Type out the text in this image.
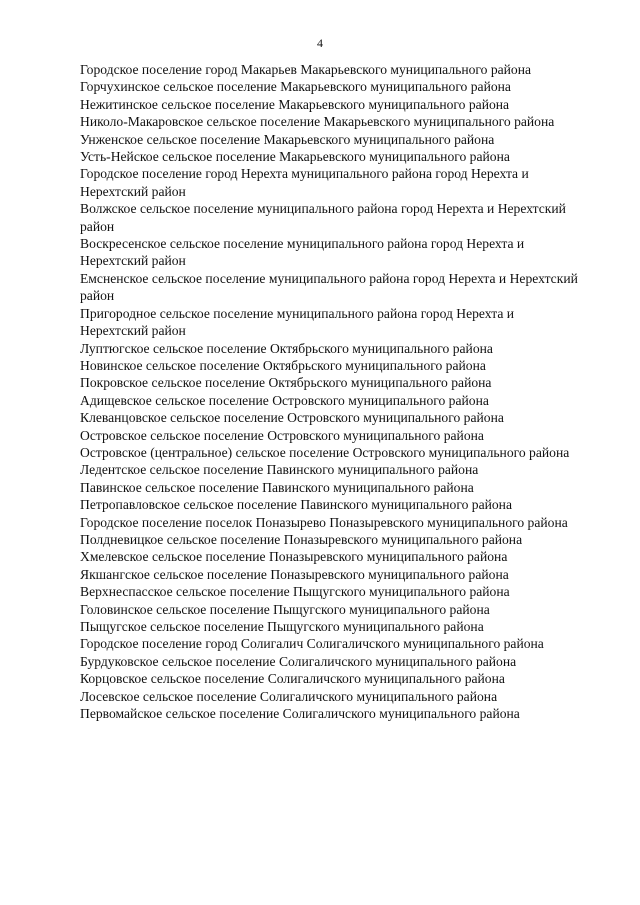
4
Городское поселение город Макарьев Макарьевского муниципального района
Горчухинское сельское поселение Макарьевского муниципального района
Нежитинское сельское поселение Макарьевского муниципального района
Николо-Макаровское сельское поселение Макарьевского муниципального района
Унженское сельское поселение Макарьевского муниципального района
Усть-Нейское сельское поселение Макарьевского муниципального района
Городское поселение город Нерехта муниципального района город Нерехта и Нерехтский район
Волжское сельское поселение муниципального района город Нерехта и Нерехтский район
Воскресенское сельское поселение муниципального района город Нерехта и Нерехтский район
Емсненское сельское поселение муниципального района город Нерехта и Нерехтский район
Пригородное сельское поселение муниципального района город Нерехта и Нерехтский район
Луптюгское сельское поселение Октябрьского муниципального района
Новинское сельское поселение Октябрьского муниципального района
Покровское сельское поселение Октябрьского муниципального района
Адищевское сельское поселение Островского муниципального района
Клеванцовское сельское поселение Островского муниципального района
Островское сельское поселение Островского муниципального района
Островское (центральное) сельское поселение Островского муниципального района
Ледентское сельское поселение Павинского муниципального района
Павинское сельское поселение Павинского муниципального района
Петропавловское сельское поселение Павинского муниципального района
Городское поселение поселок Поназырево Поназыревского муниципального района
Полдневицкое сельское поселение Поназыревского муниципального района
Хмелевское сельское поселение Поназыревского муниципального района
Якшангское сельское поселение Поназыревского муниципального района
Верхнеспасское сельское поселение Пыщугского муниципального района
Головинское сельское поселение Пыщугского муниципального района
Пыщугское сельское поселение Пыщугского муниципального района
Городское поселение город Солигалич Солигаличского муниципального района
Бурдуковское сельское поселение Солигаличского муниципального района
Корцовское сельское поселение Солигаличского муниципального района
Лосевское сельское поселение Солигаличского муниципального района
Первомайское сельское поселение Солигаличского муниципального района
